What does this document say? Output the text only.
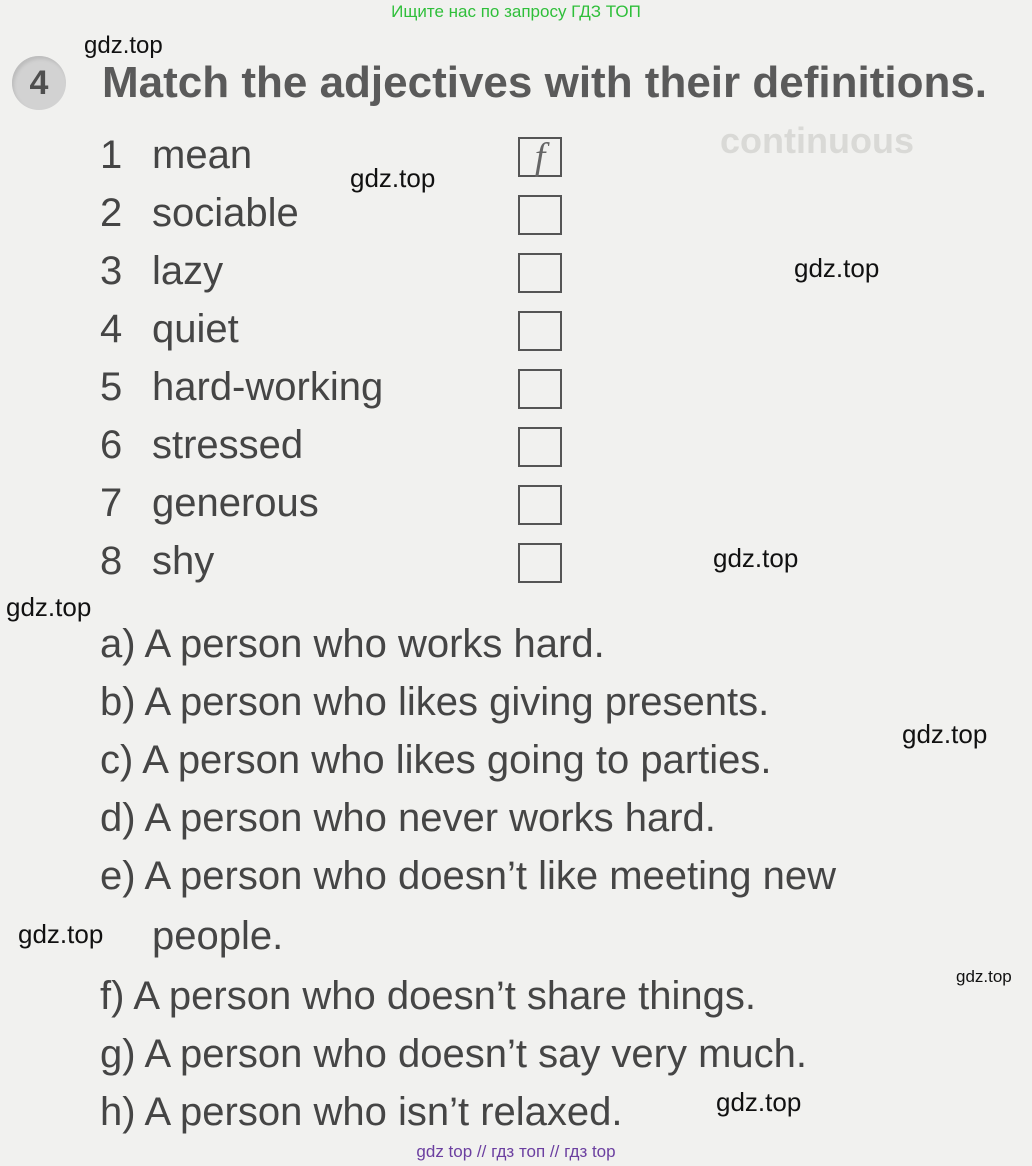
Ищите нас по запросу ГДЗ ТОП
continuous
4	Match the adjectives with their definitions.
1 mean	f
2 sociable
3 lazy
4 quiet
5 hard-working
6 stressed
7 generous
8 shy
a) A person who works hard.
b) A person who likes giving presents.
c) A person who likes going to parties.
d) A person who never works hard.
e) A person who doesn’t like meeting new
people.
f) A person who doesn’t share things.
g) A person who doesn’t say very much.
h) A person who isn’t relaxed.
gdz.top
gdz.top
gdz.top
gdz.top
gdz.top
gdz.top
gdz.top
gdz.top
gdz.top
gdz top // гдз топ // гдз top
